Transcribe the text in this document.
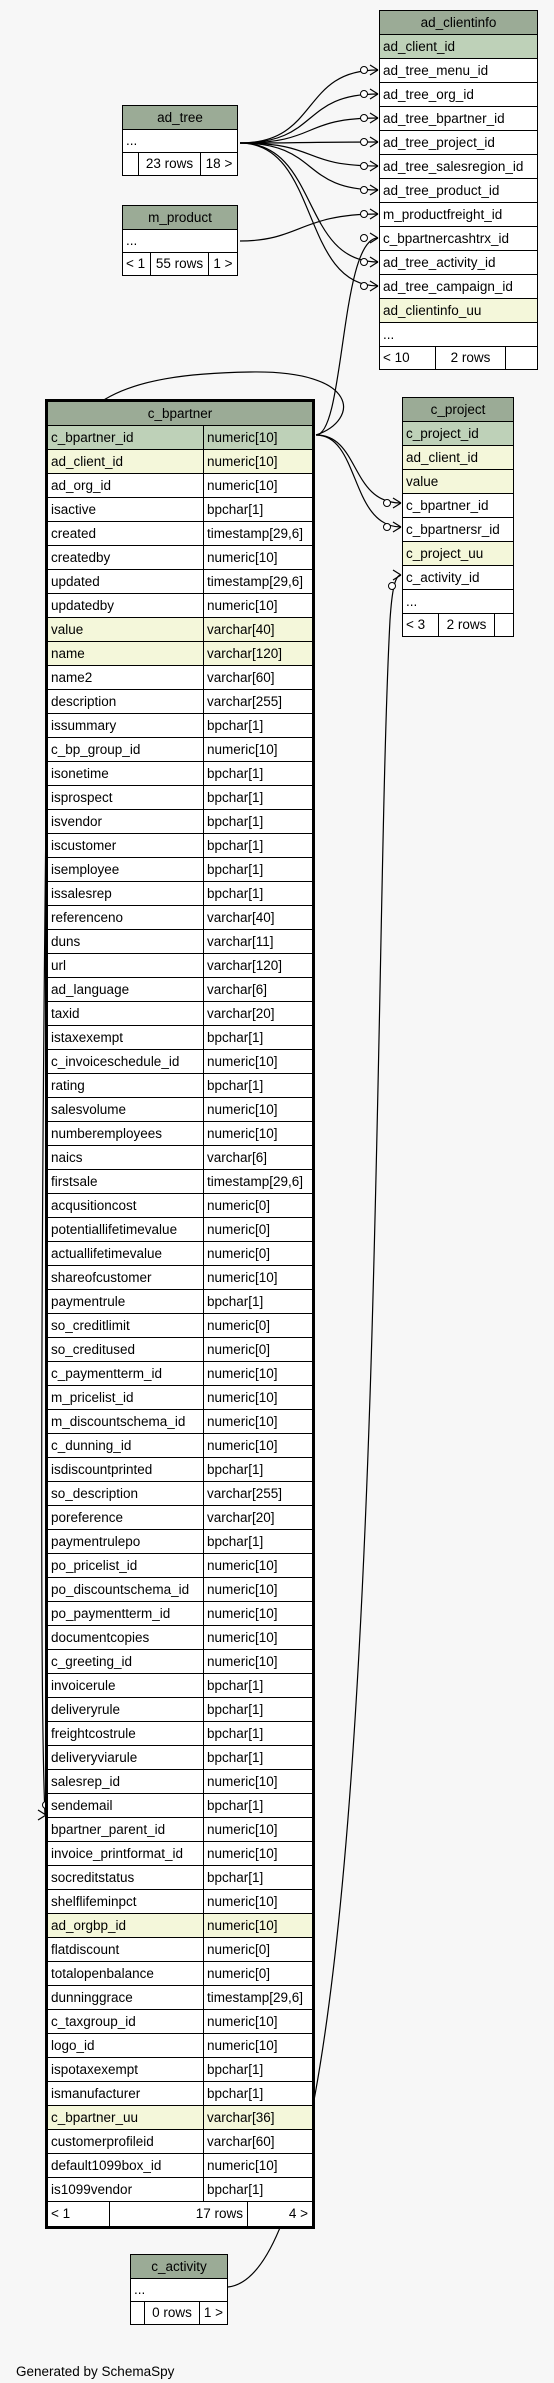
ad_clientinfo
ad_client_id
ad_tree_menu_id
ad_tree_org_id
ad_tree_bpartner_id
ad_tree_project_id
ad_tree_salesregion_id
ad_tree_product_id
m_productfreight_id
c_bpartnercashtrx_id
ad_tree_activity_id
ad_tree_campaign_id
ad_clientinfo_uu
...
< 10	2 rows
ad_tree
...
23 rows 18 >
m_product
...
< 1 55 rows 1 >
c_project
c_project_id
ad_client_id
value
c_bpartner_id
c_bpartnersr_id
c_project_uu
c_activity_id
...
< 3	2 rows
c_bpartner
c_bpartner_id	numeric[10]
ad_client_id	numeric[10]
ad_org_id	numeric[10]
isactive	bpchar[1]
created	timestamp[29,6]
createdby	numeric[10]
updated	timestamp[29,6]
updatedby	numeric[10]
value	varchar[40]
name	varchar[120]
name2	varchar[60]
description	varchar[255]
issummary	bpchar[1]
c_bp_group_id	numeric[10]
isonetime	bpchar[1]
isprospect	bpchar[1]
isvendor	bpchar[1]
iscustomer	bpchar[1]
isemployee	bpchar[1]
issalesrep	bpchar[1]
referenceno	varchar[40]
duns	varchar[11]
url	varchar[120]
ad_language	varchar[6]
taxid	varchar[20]
istaxexempt	bpchar[1]
c_invoiceschedule_id numeric[10]
rating	bpchar[1]
salesvolume	numeric[10]
numberemployees	numeric[10]
naics	varchar[6]
firstsale	timestamp[29,6]
acqusitioncost	numeric[0]
potentiallifetimevalue numeric[0]
actuallifetimevalue	numeric[0]
shareofcustomer	numeric[10]
paymentrule	bpchar[1]
so_creditlimit	numeric[0]
so_creditused	numeric[0]
c_paymentterm_id	numeric[10]
m_pricelist_id	numeric[10]
m_discountschema_id numeric[10]
c_dunning_id	numeric[10]
isdiscountprinted	bpchar[1]
so_description	varchar[255]
poreference	varchar[20]
paymentrulepo	bpchar[1]
po_pricelist_id	numeric[10]
po_discountschema_id numeric[10]
po_paymentterm_id	numeric[10]
documentcopies	numeric[10]
c_greeting_id	numeric[10]
invoicerule	bpchar[1]
deliveryrule	bpchar[1]
freightcostrule	bpchar[1]
deliveryviarule	bpchar[1]
salesrep_id	numeric[10]
sendemail	bpchar[1]
bpartner_parent_id	numeric[10]
invoice_printformat_id numeric[10]
socreditstatus	bpchar[1]
shelflifeminpct	numeric[10]
ad_orgbp_id	numeric[10]
flatdiscount	numeric[0]
totalopenbalance	numeric[0]
dunninggrace	timestamp[29,6]
c_taxgroup_id	numeric[10]
logo_id	numeric[10]
ispotaxexempt	bpchar[1]
ismanufacturer	bpchar[1]
c_bpartner_uu	varchar[36]
customerprofileid	varchar[60]
default1099box_id	numeric[10]
is1099vendor	bpchar[1]
< 1	17 rows	4 >
c_activity
...
0 rows 1 >
Generated by SchemaSpy
